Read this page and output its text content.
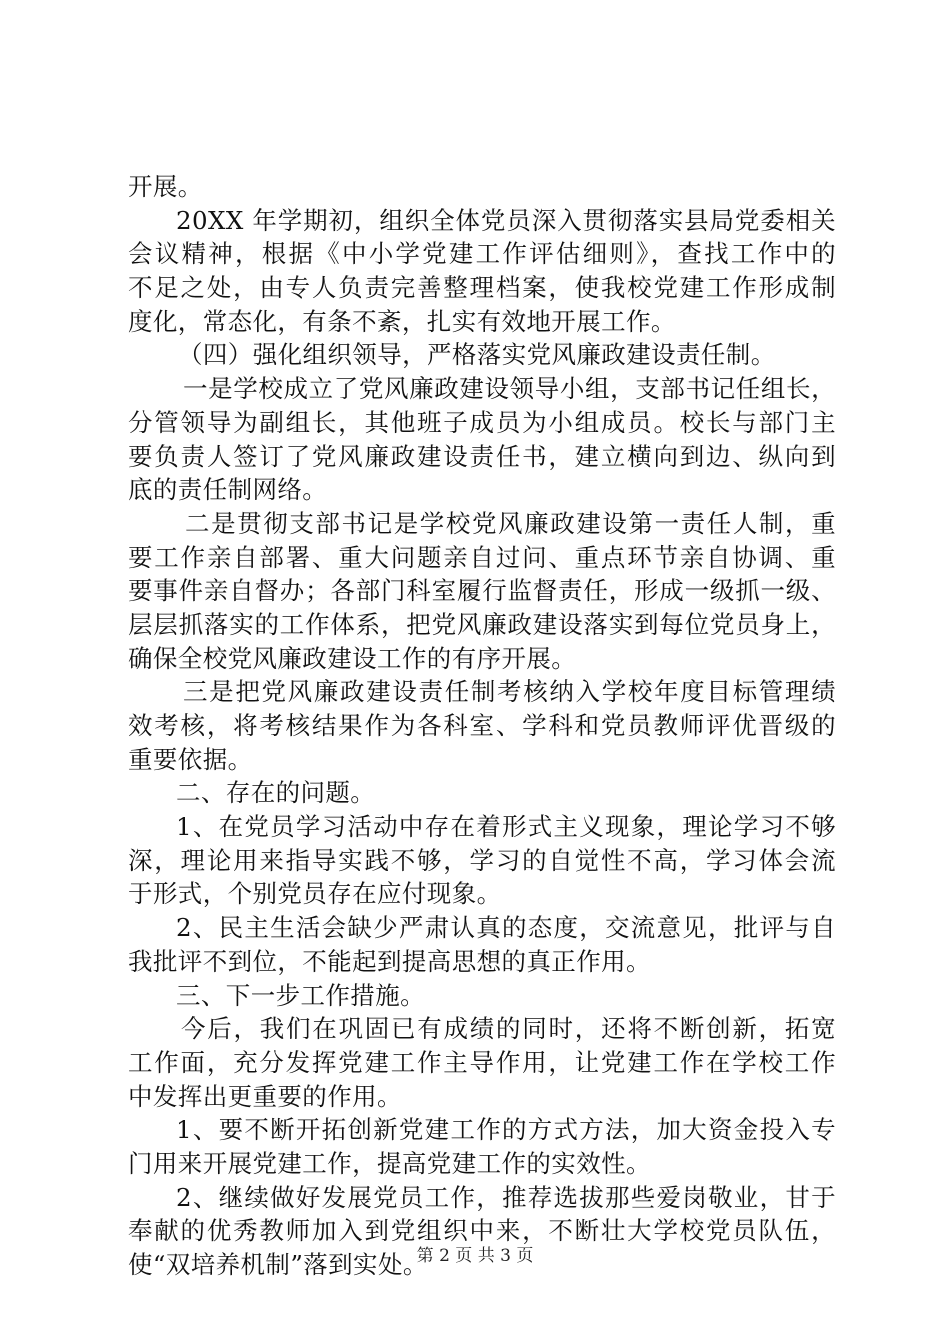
开展。
20XX 年学期初，组织全体党员深入贯彻落实县局党委相关
会议精神，根据《中小学党建工作评估细则》，查找工作中的
不足之处，由专人负责完善整理档案，使我校党建工作形成制
度化，常态化，有条不紊，扎实有效地开展工作。
（四）强化组织领导，严格落实党风廉政建设责任制。
一是学校成立了党风廉政建设领导小组，支部书记任组长，
分管领导为副组长，其他班子成员为小组成员。校长与部门主
要负责人签订了党风廉政建设责任书，建立横向到边、纵向到
底的责任制网络。
二是贯彻支部书记是学校党风廉政建设第一责任人制，重
要工作亲自部署、重大问题亲自过问、重点环节亲自协调、重
要事件亲自督办；各部门科室履行监督责任，形成一级抓一级、
层层抓落实的工作体系，把党风廉政建设落实到每位党员身上，
确保全校党风廉政建设工作的有序开展。
三是把党风廉政建设责任制考核纳入学校年度目标管理绩
效考核，将考核结果作为各科室、学科和党员教师评优晋级的
重要依据。
二、存在的问题。
1、在党员学习活动中存在着形式主义现象，理论学习不够
深，理论用来指导实践不够，学习的自觉性不高，学习体会流
于形式，个别党员存在应付现象。
2、民主生活会缺少严肃认真的态度，交流意见，批评与自
我批评不到位，不能起到提高思想的真正作用。
三、下一步工作措施。
今后，我们在巩固已有成绩的同时，还将不断创新，拓宽
工作面，充分发挥党建工作主导作用，让党建工作在学校工作
中发挥出更重要的作用。
1、要不断开拓创新党建工作的方式方法，加大资金投入专
门用来开展党建工作，提高党建工作的实效性。
2、继续做好发展党员工作，推荐选拔那些爱岗敬业，甘于
奉献的优秀教师加入到党组织中来，不断壮大学校党员队伍，
使“双培养机制”落到实处。
第 2 页 共 3 页
